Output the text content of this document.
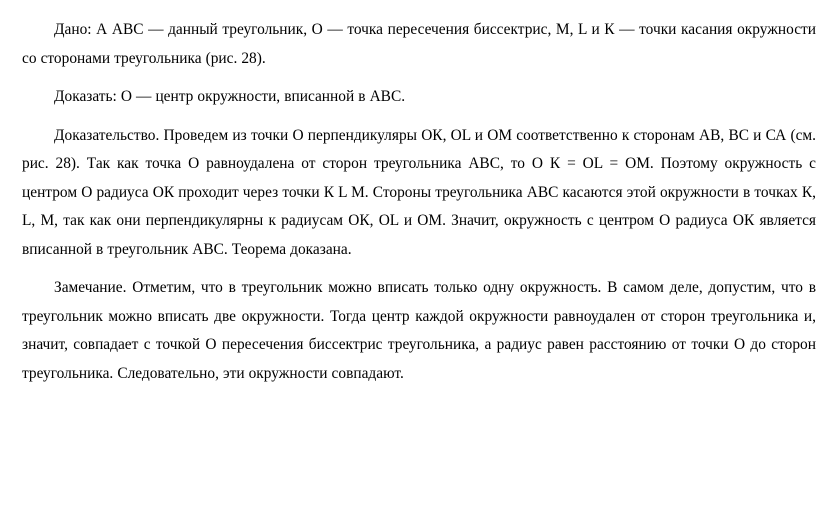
Дано: А АВС — данный треугольник, О — точка пересечения биссектрис, М, L и К — точки касания окружности со сторонами треугольника (рис. 28).

Доказать: О — центр окружности, вписанной в АВС.

Доказательство. Проведем из точки О перпендикуляры ОК, OL и ОМ соответственно к сторонам АВ, ВС и СА (см. рис. 28). Так как точка О равноудалена от сторон треугольника АВС, то О К = OL = ОМ. Поэтому окружность с центром О радиуса ОК проходит через точки К L М. Стороны треугольника АВС касаются этой окружности в точках К, L, М, так как они перпендикулярны к радиусам ОК, OL и ОМ. Значит, окружность с центром О радиуса ОК является вписанной в треугольник АВС. Теорема доказана.

Замечание. Отметим, что в треугольник можно вписать только одну окружность. В самом деле, допустим, что в треугольник можно вписать две окружности. Тогда центр каждой окружности равноудален от сторон треугольника и, значит, совпадает с точкой О пересечения биссектрис треугольника, а радиус равен расстоянию от точки О до сторон треугольника. Следовательно, эти окружности совпадают.
